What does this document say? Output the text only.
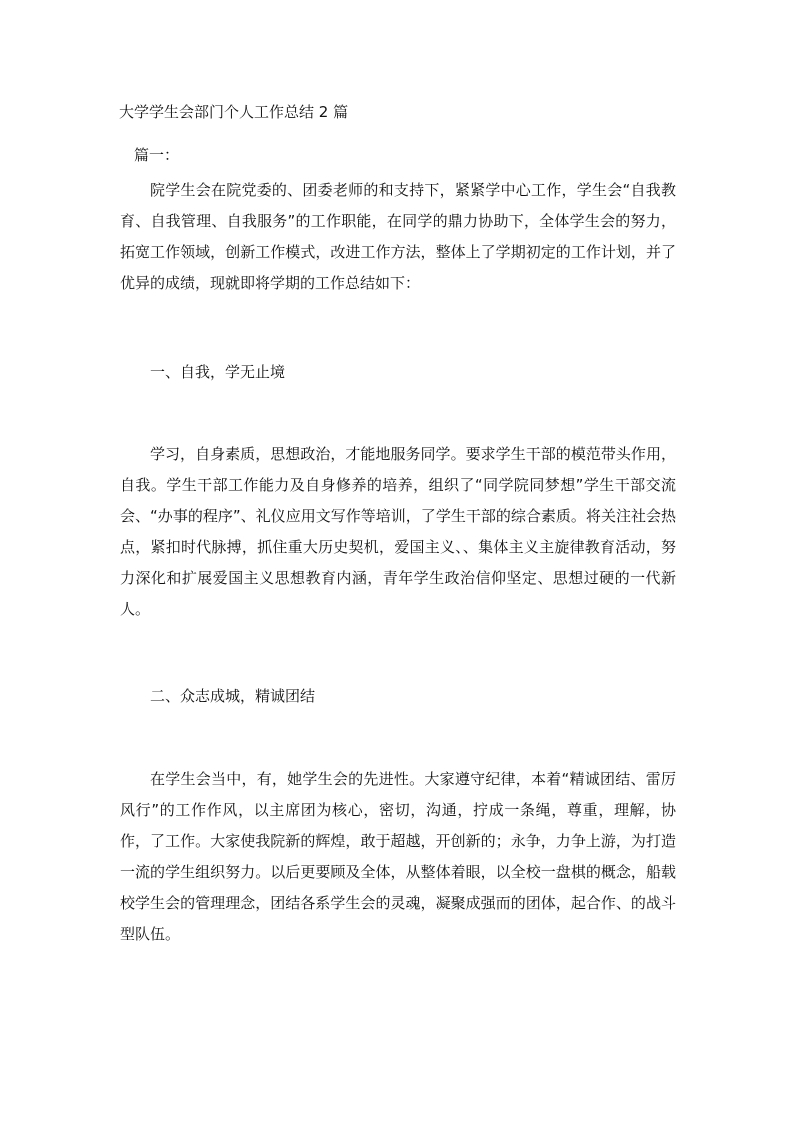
大学学生会部门个人工作总结 2 篇
篇一：

院学生会在院党委的、团委老师的和支持下，紧紧学中心工作，学生会“自我教育、自我管理、自我服务”的工作职能，在同学的鼎力协助下，全体学生会的努力，拓宽工作领域，创新工作模式，改进工作方法，整体上了学期初定的工作计划，并了优异的成绩，现就即将学期的工作总结如下：

一、自我，学无止境

学习，自身素质，思想政治，才能地服务同学。要求学生干部的模范带头作用，自我。学生干部工作能力及自身修养的培养，组织了“同学院同梦想”学生干部交流会、“办事的程序”、礼仪应用文写作等培训，了学生干部的综合素质。将关注社会热点，紧扣时代脉搏，抓住重大历史契机，爱国主义、、集体主义主旋律教育活动，努力深化和扩展爱国主义思想教育内涵，青年学生政治信仰坚定、思想过硬的一代新人。

二、众志成城，精诚团结

在学生会当中，有，她学生会的先进性。大家遵守纪律，本着“精诚团结、雷厉风行”的工作作风，以主席团为核心，密切，沟通，拧成一条绳，尊重，理解，协作，了工作。大家使我院新的辉煌，敢于超越，开创新的；永争，力争上游，为打造一流的学生组织努力。以后更要顾及全体，从整体着眼，以全校一盘棋的概念，船载校学生会的管理理念，团结各系学生会的灵魂，凝聚成强而的团体，起合作、的战斗型队伍。
